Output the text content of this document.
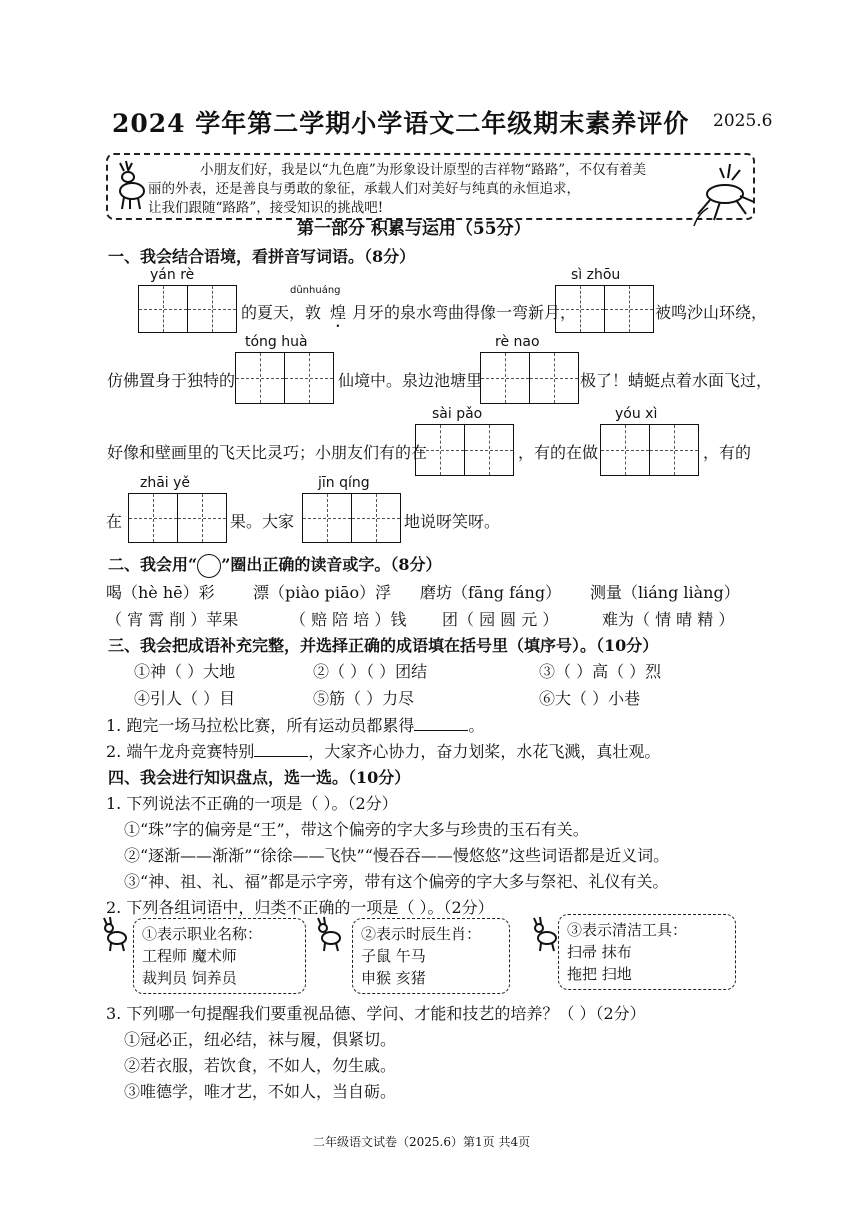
2024 学年第二学期小学语文二年级期末素养评价 2025.6
小朋友们好，我是以“九色鹿”为形象设计原型的吉祥物“路路”，不仅有着美
丽的外表，还是善良与勇敢的象征，承载人们对美好与纯真的永恒追求，
让我们跟随“路路”，接受知识的挑战吧!
第一部分 积累与运用（55分）
一、我会结合语境，看拼音写词语。（8分）
yán rè
dūnhuáng
的夏天，敦 煌 月牙的泉水弯曲得像一弯新月，
sì zhōu
被鸣沙山环绕，
tóng huà
仿佛置身于独特的	仙境中。泉边池塘里
rè nao
极了！蜻蜓点着水面飞过，
sài pǎo
好像和壁画里的飞天比灵巧；小朋友们有的在	，有的在做
yóu xì
，有的
zhāi yě
在	果。大家
jīn qíng
地说呀笑呀。
二、我会用“ ”圈出正确的读音或字。（8分）
喝（hè hē）彩 漂（piào piāo）浮 磨坊（fāng fáng） 测量（liáng liàng）
（ 宵 霄 削 ）苹果	（ 赔 陪 培 ）钱 团（ 园 圆 元 ）	难为（ 情 晴 精 ）
三、我会把成语补充完整，并选择正确的成语填在括号里（填序号）。（10分）
①神（ ）大地	②（ ）（ ）团结	③（ ）高（ ）烈
④引人（ ）目	⑤筋（ ）力尽	⑥大（ ）小巷
1. 跑完一场马拉松比赛，所有运动员都累得	。
2. 端午龙舟竞赛特别	，大家齐心协力，奋力划桨，水花飞溅，真壮观。
四、我会进行知识盘点，选一选。（10分）
1. 下列说法不正确的一项是（ ）。（2分）
①“珠”字的偏旁是“王”，带这个偏旁的字大多与珍贵的玉石有关。
②“逐渐——渐渐”“徐徐——飞快”“慢吞吞——慢悠悠”这些词语都是近义词。
③“神、祖、礼、福”都是示字旁，带有这个偏旁的字大多与祭祀、礼仪有关。
2. 下列各组词语中，归类不正确的一项是（ ）。（2分）
①表示职业名称：
工程师 魔术师
裁判员 饲养员
②表示时辰生肖：
子鼠 午马
申猴 亥猪
③表示清洁工具：
扫帚 抹布
拖把 扫地
3. 下列哪一句提醒我们要重视品德、学问、才能和技艺的培养？（ ）（2分）
①冠必正，纽必结，袜与履，俱紧切。
②若衣服，若饮食，不如人，勿生戚。
③唯德学，唯才艺，不如人，当自砺。
二年级语文试卷（2025.6）第1页 共4页
